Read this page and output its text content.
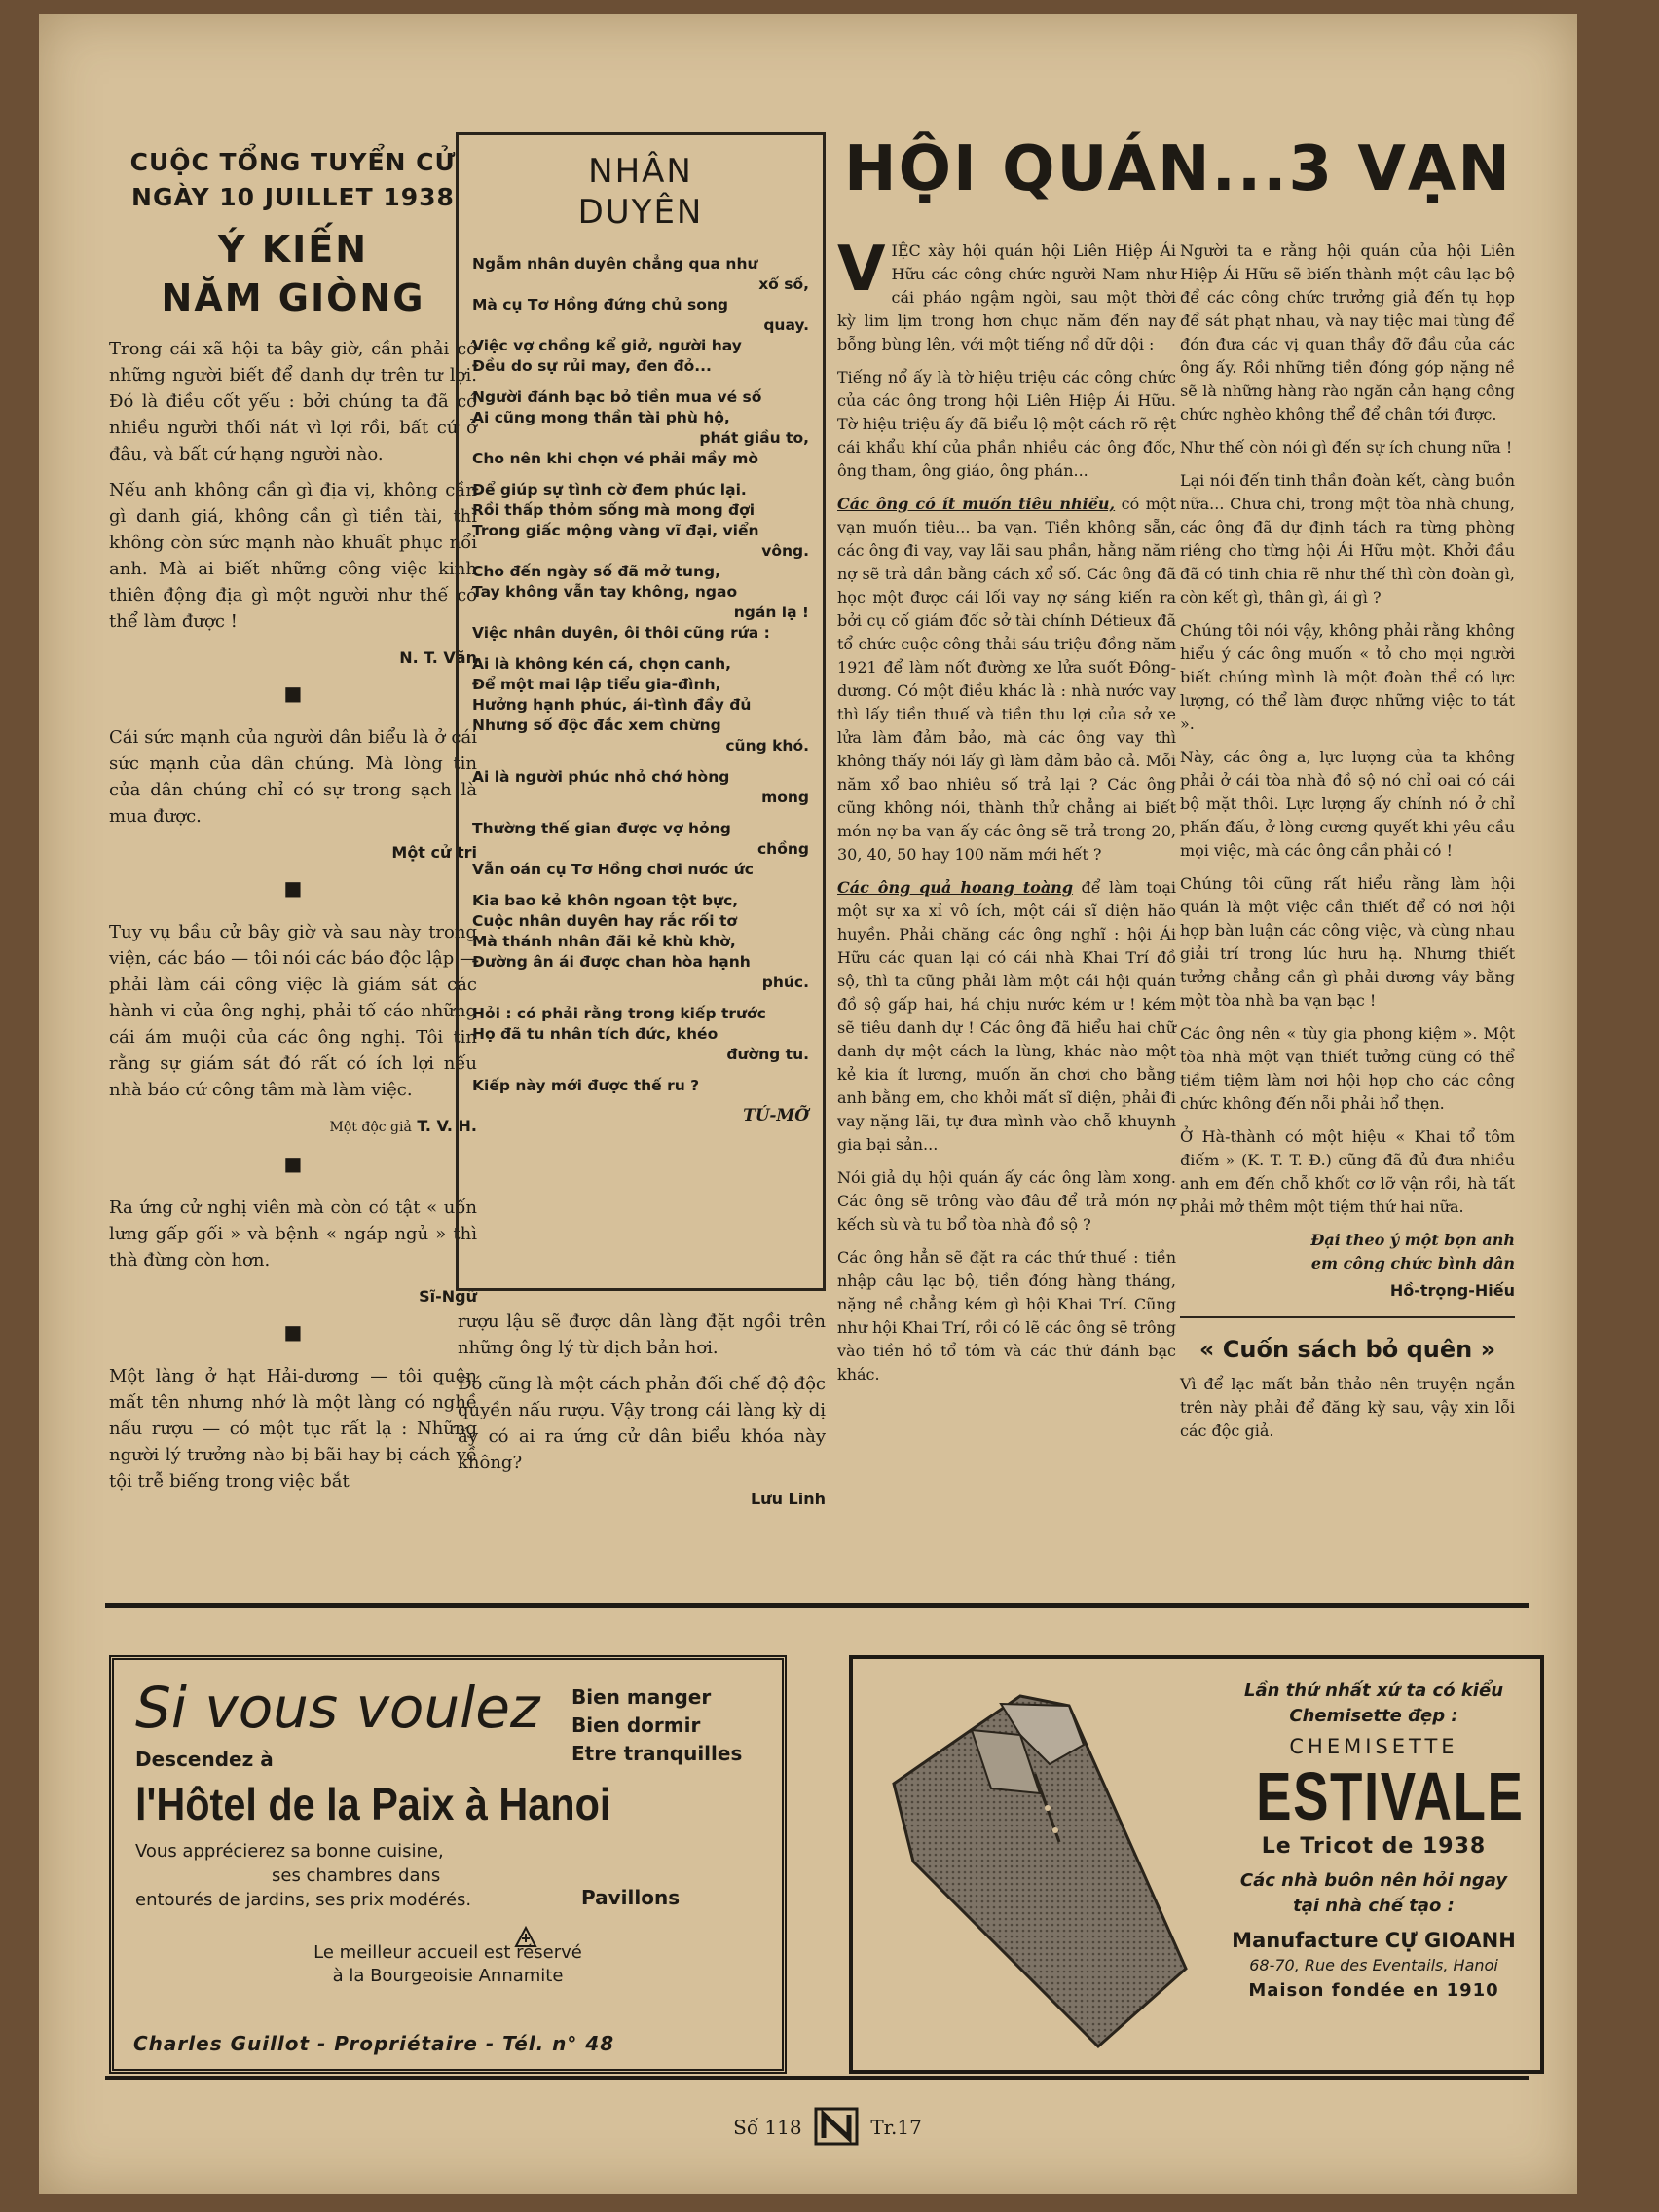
CUỘC TỔNG TUYỂN CỬ
NGÀY 10 JUILLET 1938
Ý KIẾN
NĂM GIÒNG

Trong cái xã hội ta bây giờ, cần phải có những người biết để danh dự trên tư lợi. Đó là điều cốt yếu : bởi chúng ta đã có nhiều người thối nát vì lợi rồi, bất cứ ở đâu, và bất cứ hạng người nào.

Nếu anh không cần gì địa vị, không cần gì danh giá, không cần gì tiền tài, thì không còn sức mạnh nào khuất phục nổi anh. Mà ai biết những công việc kinh thiên động địa gì một người như thế có thể làm được !

N. T. Văn
■

Cái sức mạnh của người dân biểu là ở cái sức mạnh của dân chúng. Mà lòng tin của dân chúng chỉ có sự trong sạch là mua được.

Một cử tri
■

Tuy vụ bầu cử bây giờ và sau này trong viện, các báo — tôi nói các báo độc lập — phải làm cái công việc là giám sát các hành vi của ông nghị, phải tố cáo những cái ám muội của các ông nghị. Tôi tin rằng sự giám sát đó rất có ích lợi nếu nhà báo cứ công tâm mà làm việc.

Một độc giả T. V. H.
■

Ra ứng cử nghị viên mà còn có tật « uốn lưng gấp gối » và bệnh « ngáp ngủ » thì thà đừng còn hơn.

Sĩ-Ngữ
■

Một làng ở hạt Hải-dương — tôi quên mất tên nhưng nhớ là một làng có nghề nấu rượu — có một tục rất lạ : Những người lý trưởng nào bị bãi hay bị cách về tội trễ biếng trong việc bắt

NHÂN
DUYÊN
Ngẫm nhân duyên chẳng qua như
xổ số,
Mà cụ Tơ Hồng đứng chủ song
quay.
Việc vợ chồng kể giở, người hay
Đều do sự rủi may, đen đỏ...
Người đánh bạc bỏ tiền mua vé số
Ai cũng mong thần tài phù hộ,
phát giầu to,
Cho nên khi chọn vé phải mầy mò
Để giúp sự tình cờ đem phúc lại.
Rồi thấp thỏm sống mà mong đợi
Trong giấc mộng vàng vĩ đại, viển
vông.
Cho đến ngày số đã mở tung,
Tay không vẫn tay không, ngao
ngán lạ !
Việc nhân duyên, ôi thôi cũng rứa :
Ai là không kén cá, chọn canh,
Để một mai lập tiểu gia-đình,
Hưởng hạnh phúc, ái-tình đầy đủ
Nhưng số độc đắc xem chừng
cũng khó.
Ai là người phúc nhỏ chớ hòng
mong
Thường thế gian được vợ hỏng
chồng
Vẫn oán cụ Tơ Hồng chơi nước ức
Kia bao kẻ khôn ngoan tột bực,
Cuộc nhân duyên hay rắc rối tơ
Mà thánh nhân đãi kẻ khù khờ,
Đường ân ái được chan hòa hạnh
phúc.
Hỏi : có phải rằng trong kiếp trước
Họ đã tu nhân tích đức, khéo
đường tu.
Kiếp này mới được thế ru ?
TÚ-MỠ

rượu lậu sẽ được dân làng đặt ngồi trên những ông lý từ dịch bản hơi.

Đó cũng là một cách phản đối chế độ độc quyền nấu rượu. Vậy trong cái làng kỳ dị ấy có ai ra ứng cử dân biểu khóa này không?

Lưu Linh
HỘI QUÁN...3 VẠN

VIỆC xây hội quán hội Liên Hiệp Ái Hữu các công chức người Nam như cái pháo ngậm ngòi, sau một thời kỳ lim lịm trong hơn chục năm đến nay bỗng bùng lên, với một tiếng nổ dữ dội :

Tiếng nổ ấy là tờ hiệu triệu các công chức của các ông trong hội Liên Hiệp Ái Hữu. Tờ hiệu triệu ấy đã biểu lộ một cách rõ rệt cái khẩu khí của phần nhiều các ông đốc, ông tham, ông giáo, ông phán...

Các ông có ít muốn tiêu nhiều, có một vạn muốn tiêu... ba vạn. Tiền không sẵn, các ông đi vay, vay lãi sau phần, hằng năm nợ sẽ trả dần bằng cách xổ số. Các ông đã học một được cái lối vay nợ sáng kiến ra bởi cụ cố giám đốc sở tài chính Détieux đã tổ chức cuộc công thải sáu triệu đồng năm 1921 để làm nốt đường xe lửa suốt Đông-dương. Có một điều khác là : nhà nước vay thì lấy tiền thuế và tiền thu lợi của sở xe lửa làm đảm bảo, mà các ông vay thì không thấy nói lấy gì làm đảm bảo cả. Mỗi năm xổ bao nhiêu số trả lại ? Các ông cũng không nói, thành thử chẳng ai biết món nợ ba vạn ấy các ông sẽ trả trong 20, 30, 40, 50 hay 100 năm mới hết ?

Các ông quả hoang toàng để làm toại một sự xa xỉ vô ích, một cái sĩ diện hão huyền. Phải chăng các ông nghĩ : hội Ái Hữu các quan lại có cái nhà Khai Trí đồ sộ, thì ta cũng phải làm một cái hội quán đồ sộ gấp hai, há chịu nước kém ư ! kém sẽ tiêu danh dự ! Các ông đã hiểu hai chữ danh dự một cách la lùng, khác nào một kẻ kia ít lương, muốn ăn chơi cho bằng anh bằng em, cho khỏi mất sĩ diện, phải đi vay nặng lãi, tự đưa mình vào chỗ khuynh gia bại sản...

Nói giả dụ hội quán ấy các ông làm xong. Các ông sẽ trông vào đâu để trả món nợ kếch sù và tu bổ tòa nhà đồ sộ ?

Các ông hẳn sẽ đặt ra các thứ thuế : tiền nhập câu lạc bộ, tiền đóng hàng tháng, nặng nề chẳng kém gì hội Khai Trí. Cũng như hội Khai Trí, rồi có lẽ các ông sẽ trông vào tiền hồ tổ tôm và các thứ đánh bạc khác.

Người ta e rằng hội quán của hội Liên Hiệp Ái Hữu sẽ biến thành một câu lạc bộ để các công chức trưởng giả đến tụ họp để sát phạt nhau, và nay tiệc mai tùng để đón đưa các vị quan thầy đỡ đầu của các ông ấy. Rồi những tiền đóng góp nặng nề sẽ là những hàng rào ngăn cản hạng công chức nghèo không thể để chân tới được.

Như thế còn nói gì đến sự ích chung nữa !

Lại nói đến tinh thần đoàn kết, càng buồn nữa... Chưa chi, trong một tòa nhà chung, các ông đã dự định tách ra từng phòng riêng cho từng hội Ái Hữu một. Khởi đầu đã có tinh chia rẽ như thế thì còn đoàn gì, còn kết gì, thân gì, ái gì ?

Chúng tôi nói vậy, không phải rằng không hiểu ý các ông muốn « tỏ cho mọi người biết chúng mình là một đoàn thể có lực lượng, có thể làm được những việc to tát ».

Này, các ông a, lực lượng của ta không phải ở cái tòa nhà đồ sộ nó chỉ oai có cái bộ mặt thôi. Lực lượng ấy chính nó ở chỉ phấn đấu, ở lòng cương quyết khi yêu cầu mọi việc, mà các ông cần phải có !

Chúng tôi cũng rất hiểu rằng làm hội quán là một việc cần thiết để có nơi hội họp bàn luận các công việc, và cùng nhau giải trí trong lúc hưu hạ. Nhưng thiết tưởng chẳng cần gì phải dương vây bằng một tòa nhà ba vạn bạc !

Các ông nên « tùy gia phong kiệm ». Một tòa nhà một vạn thiết tưởng cũng có thể tiềm tiệm làm nơi hội họp cho các công chức không đến nỗi phải hổ thẹn.

Ở Hà-thành có một hiệu « Khai tổ tôm điếm » (K. T. T. Đ.) cũng đã đủ đưa nhiều anh em đến chỗ khốt cơ lỡ vận rồi, hà tất phải mở thêm một tiệm thứ hai nữa.

Đại theo ý một bọn anh
em công chức bình dân
Hồ-trọng-Hiếu
« Cuốn sách bỏ quên »

Vì để lạc mất bản thảo nên truyện ngắn trên này phải để đăng kỳ sau, vậy xin lỗi các độc giả.

Si vous voulez	Bien manger
Bien dormir
Etre tranquilles
Descendez à
l'Hôtel de la Paix à Hanoi
Vous apprécierez sa bonne cuisine,
ses chambres dans
Pavillons
entourés de jardins, ses prix modérés.
Le meilleur accueil est réservé
à la Bourgeoisie Annamite
Charles Guillot - Propriétaire - Tél. n° 48
Lần thứ nhất xứ ta có kiểu
Chemisette đẹp :
CHEMISETTE
ESTIVALE
Le Tricot de 1938
Các nhà buôn nên hỏi ngay
tại nhà chế tạo :
Manufacture CỰ GIOANH
68-70, Rue des Eventails, Hanoi
Maison fondée en 1910
Số 118	Tr.17
